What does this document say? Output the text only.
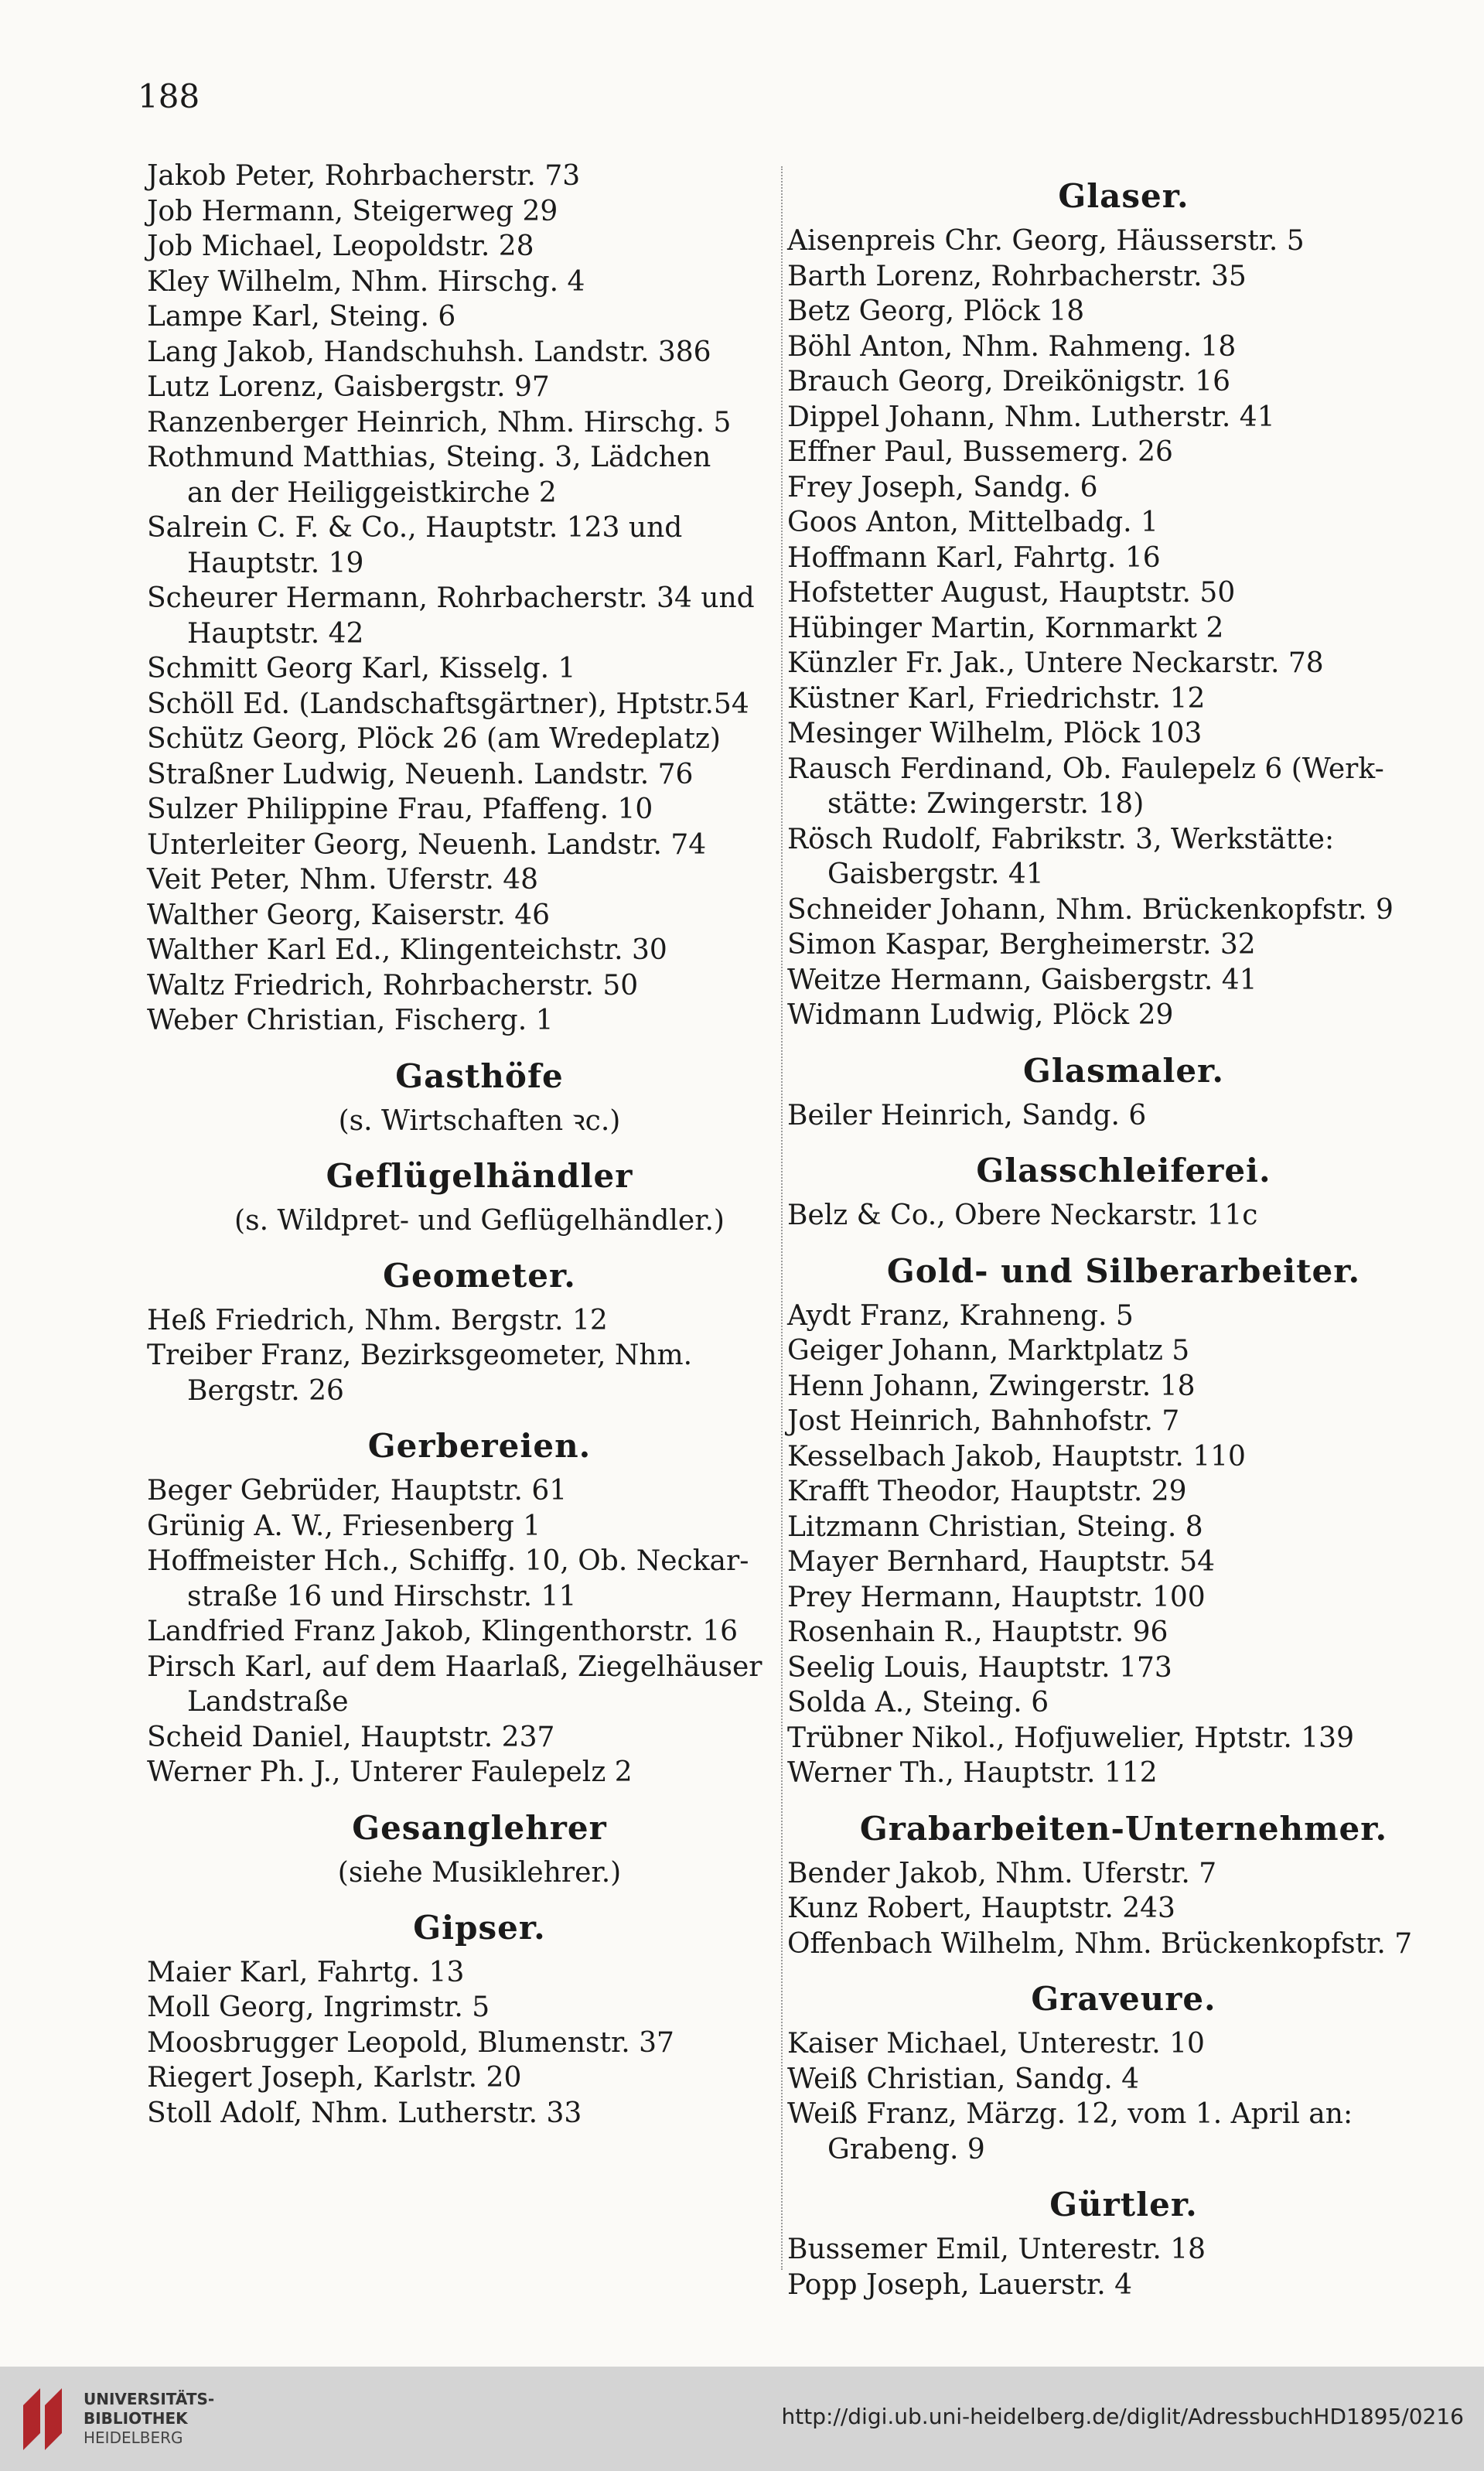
188
Jakob Peter, Rohrbacherstr. 73
Job Hermann, Steigerweg 29
Job Michael, Leopoldstr. 28
Kley Wilhelm, Nhm. Hirschg. 4
Lampe Karl, Steing. 6
Lang Jakob, Handschuhsh. Landstr. 386
Lutz Lorenz, Gaisbergstr. 97
Ranzenberger Heinrich, Nhm. Hirschg. 5
Rothmund Matthias, Steing. 3, Lädchen
an der Heiliggeistkirche 2
Salrein C. F. & Co., Hauptstr. 123 und
Hauptstr. 19
Scheurer Hermann, Rohrbacherstr. 34 und
Hauptstr. 42
Schmitt Georg Karl, Kisselg. 1
Schöll Ed. (Landschaftsgärtner), Hptstr.54
Schütz Georg, Plöck 26 (am Wredeplatz)
Straßner Ludwig, Neuenh. Landstr. 76
Sulzer Philippine Frau, Pfaffeng. 10
Unterleiter Georg, Neuenh. Landstr. 74
Veit Peter, Nhm. Uferstr. 48
Walther Georg, Kaiserstr. 46
Walther Karl Ed., Klingenteichstr. 30
Waltz Friedrich, Rohrbacherstr. 50
Weber Christian, Fischerg. 1
Gasthöfe
(s. Wirtschaften ꝛc.)
Geflügelhändler
(s. Wildpret- und Geflügelhändler.)
Geometer.
Heß Friedrich, Nhm. Bergstr. 12
Treiber Franz, Bezirksgeometer, Nhm.
Bergstr. 26
Gerbereien.
Beger Gebrüder, Hauptstr. 61
Grünig A. W., Friesenberg 1
Hoffmeister Hch., Schiffg. 10, Ob. Neckar-
straße 16 und Hirschstr. 11
Landfried Franz Jakob, Klingenthorstr. 16
Pirsch Karl, auf dem Haarlaß, Ziegelhäuser
Landstraße
Scheid Daniel, Hauptstr. 237
Werner Ph. J., Unterer Faulepelz 2
Gesanglehrer
(siehe Musiklehrer.)
Gipser.
Maier Karl, Fahrtg. 13
Moll Georg, Ingrimstr. 5
Moosbrugger Leopold, Blumenstr. 37
Riegert Joseph, Karlstr. 20
Stoll Adolf, Nhm. Lutherstr. 33
Glaser.
Aisenpreis Chr. Georg, Häusserstr. 5
Barth Lorenz, Rohrbacherstr. 35
Betz Georg, Plöck 18
Böhl Anton, Nhm. Rahmeng. 18
Brauch Georg, Dreikönigstr. 16
Dippel Johann, Nhm. Lutherstr. 41
Effner Paul, Bussemerg. 26
Frey Joseph, Sandg. 6
Goos Anton, Mittelbadg. 1
Hoffmann Karl, Fahrtg. 16
Hofstetter August, Hauptstr. 50
Hübinger Martin, Kornmarkt 2
Künzler Fr. Jak., Untere Neckarstr. 78
Küstner Karl, Friedrichstr. 12
Mesinger Wilhelm, Plöck 103
Rausch Ferdinand, Ob. Faulepelz 6 (Werk-
stätte: Zwingerstr. 18)
Rösch Rudolf, Fabrikstr. 3, Werkstätte:
Gaisbergstr. 41
Schneider Johann, Nhm. Brückenkopfstr. 9
Simon Kaspar, Bergheimerstr. 32
Weitze Hermann, Gaisbergstr. 41
Widmann Ludwig, Plöck 29
Glasmaler.
Beiler Heinrich, Sandg. 6
Glasschleiferei.
Belz & Co., Obere Neckarstr. 11c
Gold- und Silberarbeiter.
Aydt Franz, Krahneng. 5
Geiger Johann, Marktplatz 5
Henn Johann, Zwingerstr. 18
Jost Heinrich, Bahnhofstr. 7
Kesselbach Jakob, Hauptstr. 110
Krafft Theodor, Hauptstr. 29
Litzmann Christian, Steing. 8
Mayer Bernhard, Hauptstr. 54
Prey Hermann, Hauptstr. 100
Rosenhain R., Hauptstr. 96
Seelig Louis, Hauptstr. 173
Solda A., Steing. 6
Trübner Nikol., Hofjuwelier, Hptstr. 139
Werner Th., Hauptstr. 112
Grabarbeiten-Unternehmer.
Bender Jakob, Nhm. Uferstr. 7
Kunz Robert, Hauptstr. 243
Offenbach Wilhelm, Nhm. Brückenkopfstr. 7
Graveure.
Kaiser Michael, Unterestr. 10
Weiß Christian, Sandg. 4
Weiß Franz, Märzg. 12, vom 1. April an:
Grabeng. 9
Gürtler.
Bussemer Emil, Unterestr. 18
Popp Joseph, Lauerstr. 4
UNIVERSITÄTS-
BIBLIOTHEK
HEIDELBERG
http://digi.ub.uni-heidelberg.de/diglit/AdressbuchHD1895/0216
